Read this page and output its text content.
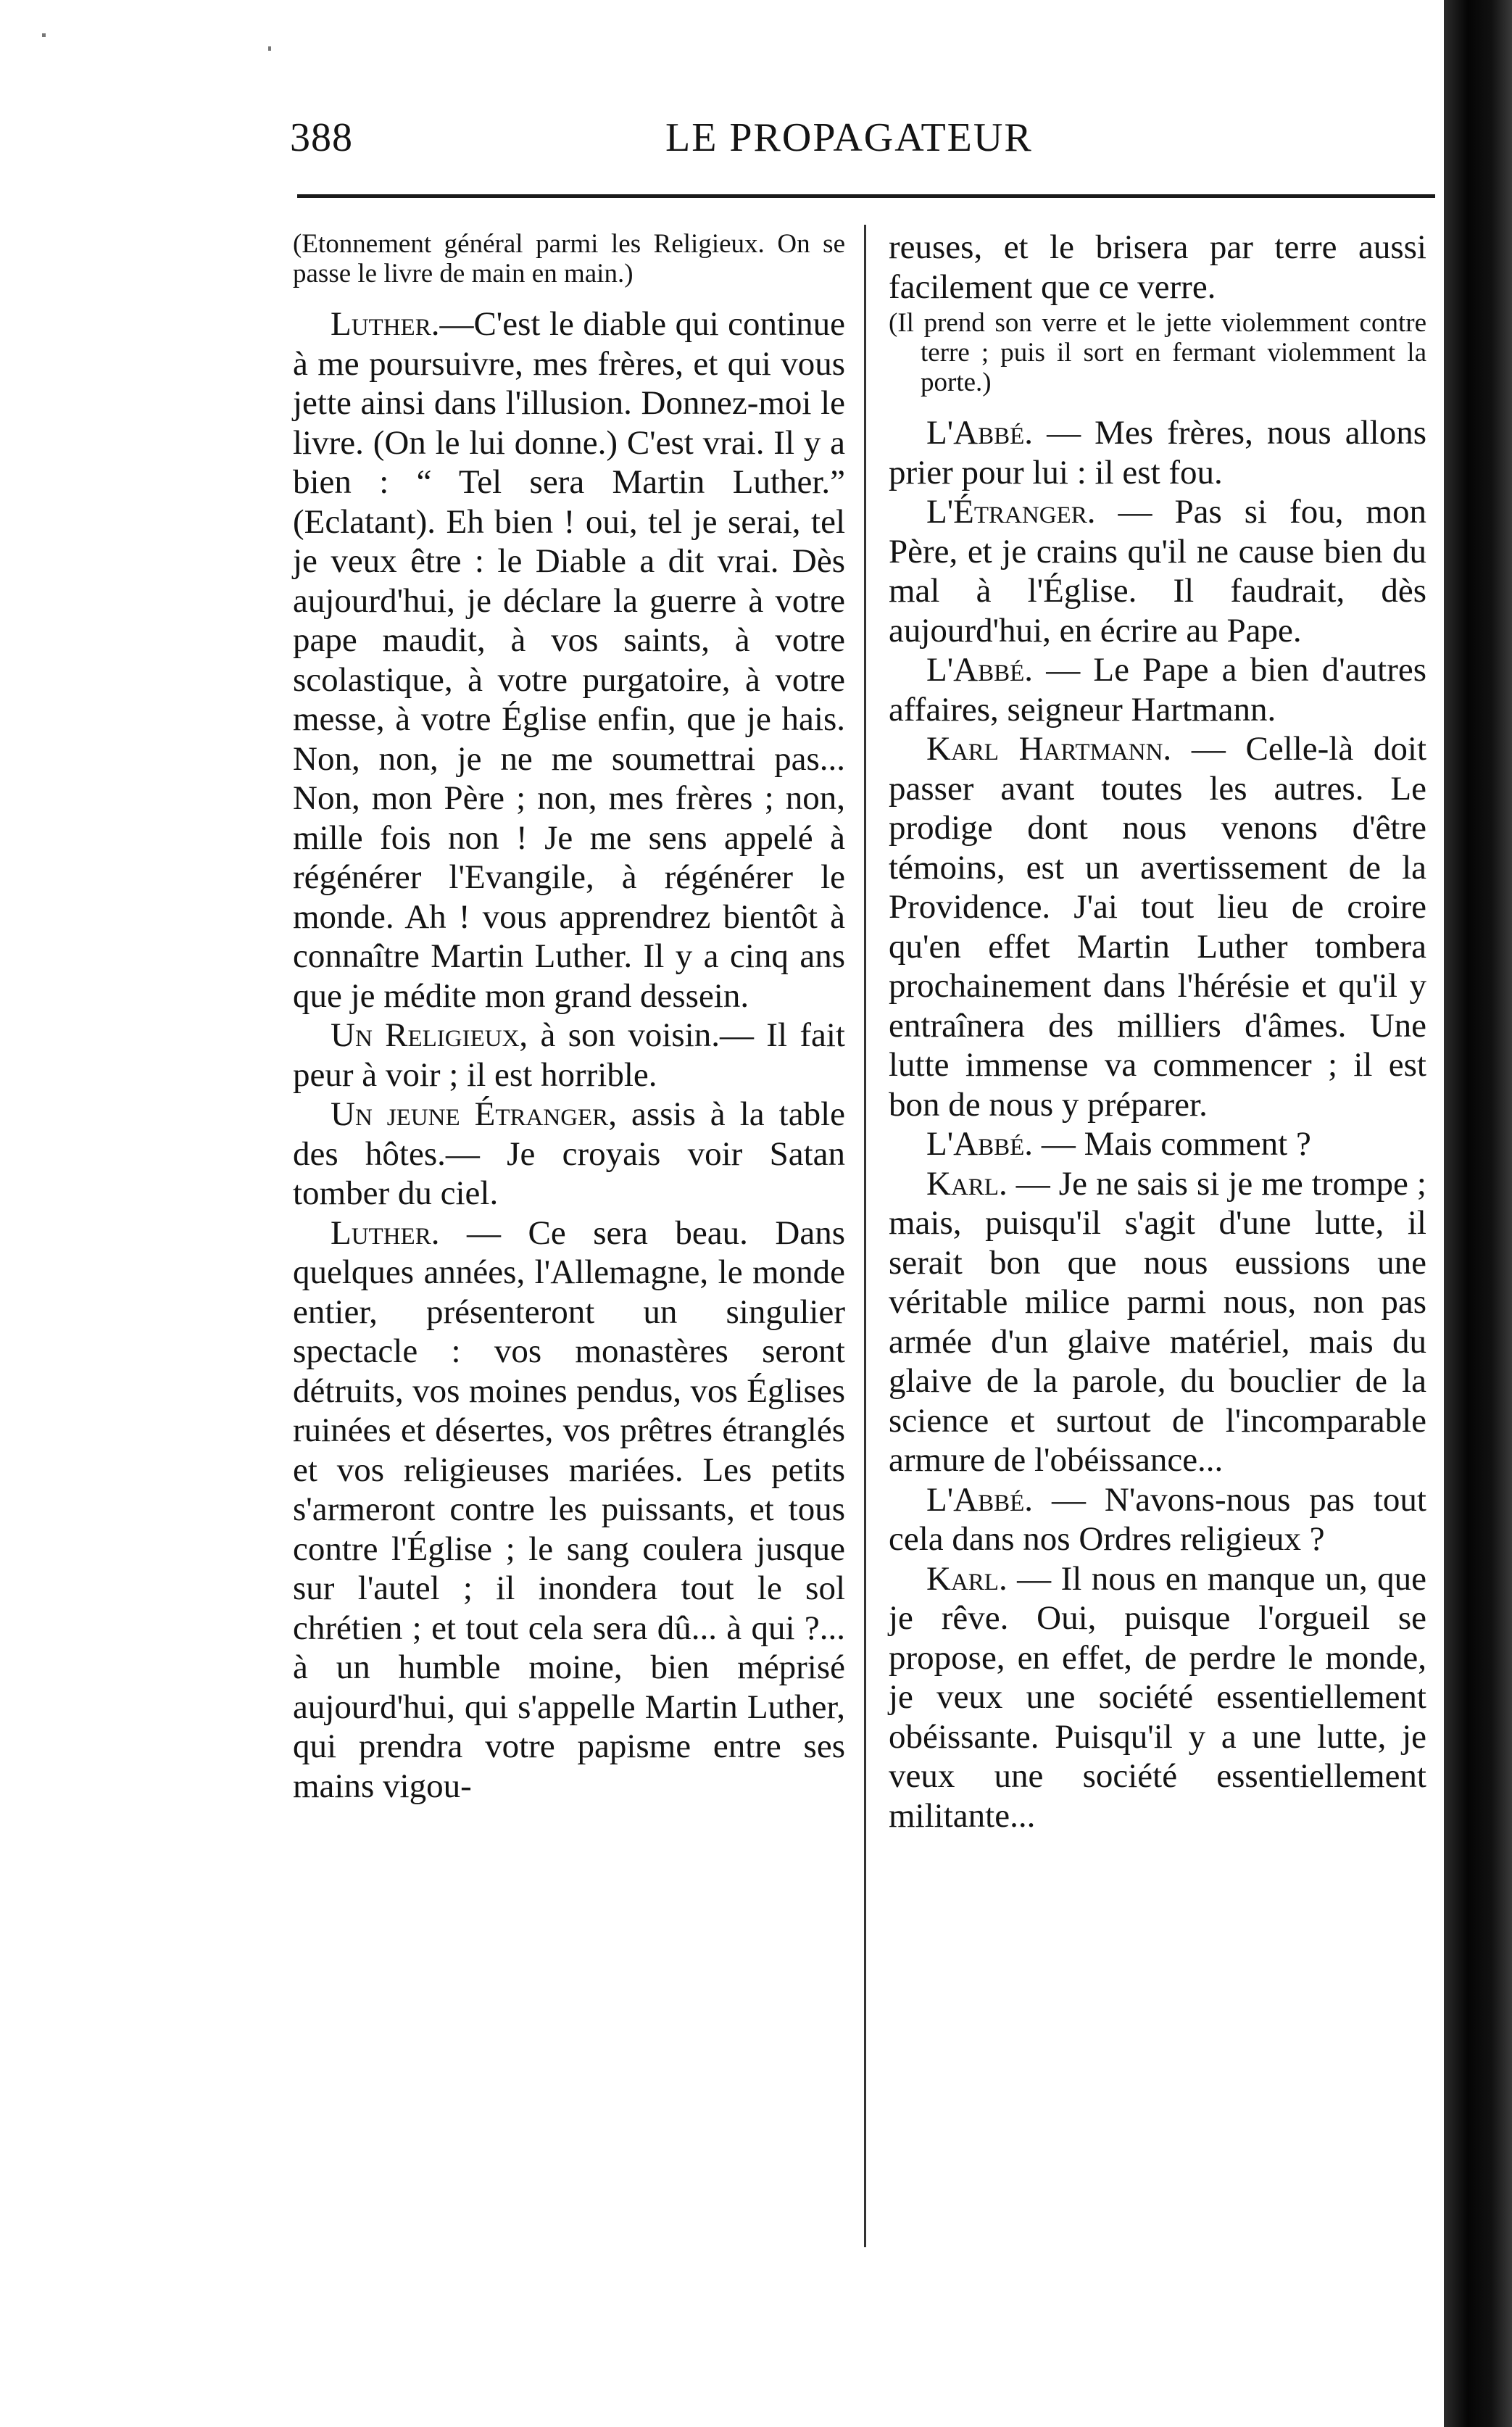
388	LE PROPAGATEUR

(Etonnement général parmi les Religieux. On se passe le livre de main en main.)

Luther.—C'est le diable qui continue à me poursuivre, mes frères, et qui vous jette ainsi dans l'illusion. Donnez-moi le livre. (On le lui donne.) C'est vrai. Il y a bien : “ Tel sera Martin Luther.” (Eclatant). Eh bien ! oui, tel je serai, tel je veux être : le Diable a dit vrai. Dès aujourd'hui, je déclare la guerre à votre pape maudit, à vos saints, à votre scolastique, à votre purgatoire, à votre messe, à votre Église enfin, que je hais. Non, non, je ne me soumettrai pas... Non, mon Père ; non, mes frères ; non, mille fois non ! Je me sens appelé à régénérer l'Evangile, à régénérer le monde. Ah ! vous apprendrez bientôt à connaître Martin Luther. Il y a cinq ans que je médite mon grand dessein.

Un Religieux, à son voisin.— Il fait peur à voir ; il est horrible.

Un jeune Étranger, assis à la table des hôtes.— Je croyais voir Satan tomber du ciel.

Luther. — Ce sera beau. Dans quelques années, l'Allemagne, le monde entier, présenteront un singulier spectacle : vos monastères seront détruits, vos moines pendus, vos Églises ruinées et désertes, vos prêtres étranglés et vos religieuses mariées. Les petits s'armeront contre les puissants, et tous contre l'Église ; le sang coulera jusque sur l'autel ; il inondera tout le sol chrétien ; et tout cela sera dû... à qui ?... à un humble moine, bien méprisé aujourd'hui, qui s'appelle Martin Luther, qui prendra votre papisme entre ses mains vigou-

reuses, et le brisera par terre aussi facilement que ce verre.

(Il prend son verre et le jette violemment contre terre ; puis il sort en fermant violemment la porte.)

L'Abbé. — Mes frères, nous allons prier pour lui : il est fou.

L'Étranger. — Pas si fou, mon Père, et je crains qu'il ne cause bien du mal à l'Église. Il faudrait, dès aujourd'hui, en écrire au Pape.

L'Abbé. — Le Pape a bien d'autres affaires, seigneur Hartmann.

Karl Hartmann. — Celle-là doit passer avant toutes les autres. Le prodige dont nous venons d'être témoins, est un avertissement de la Providence. J'ai tout lieu de croire qu'en effet Martin Luther tombera prochainement dans l'hérésie et qu'il y entraînera des milliers d'âmes. Une lutte immense va commencer ; il est bon de nous y préparer.

L'Abbé. — Mais comment ?

Karl. — Je ne sais si je me trompe ; mais, puisqu'il s'agit d'une lutte, il serait bon que nous eussions une véritable milice parmi nous, non pas armée d'un glaive matériel, mais du glaive de la parole, du bouclier de la science et surtout de l'incomparable armure de l'obéissance...

L'Abbé. — N'avons-nous pas tout cela dans nos Ordres religieux ?

Karl. — Il nous en manque un, que je rêve. Oui, puisque l'orgueil se propose, en effet, de perdre le monde, je veux une société essentiellement obéissante. Puisqu'il y a une lutte, je veux une société essentiellement militante...
